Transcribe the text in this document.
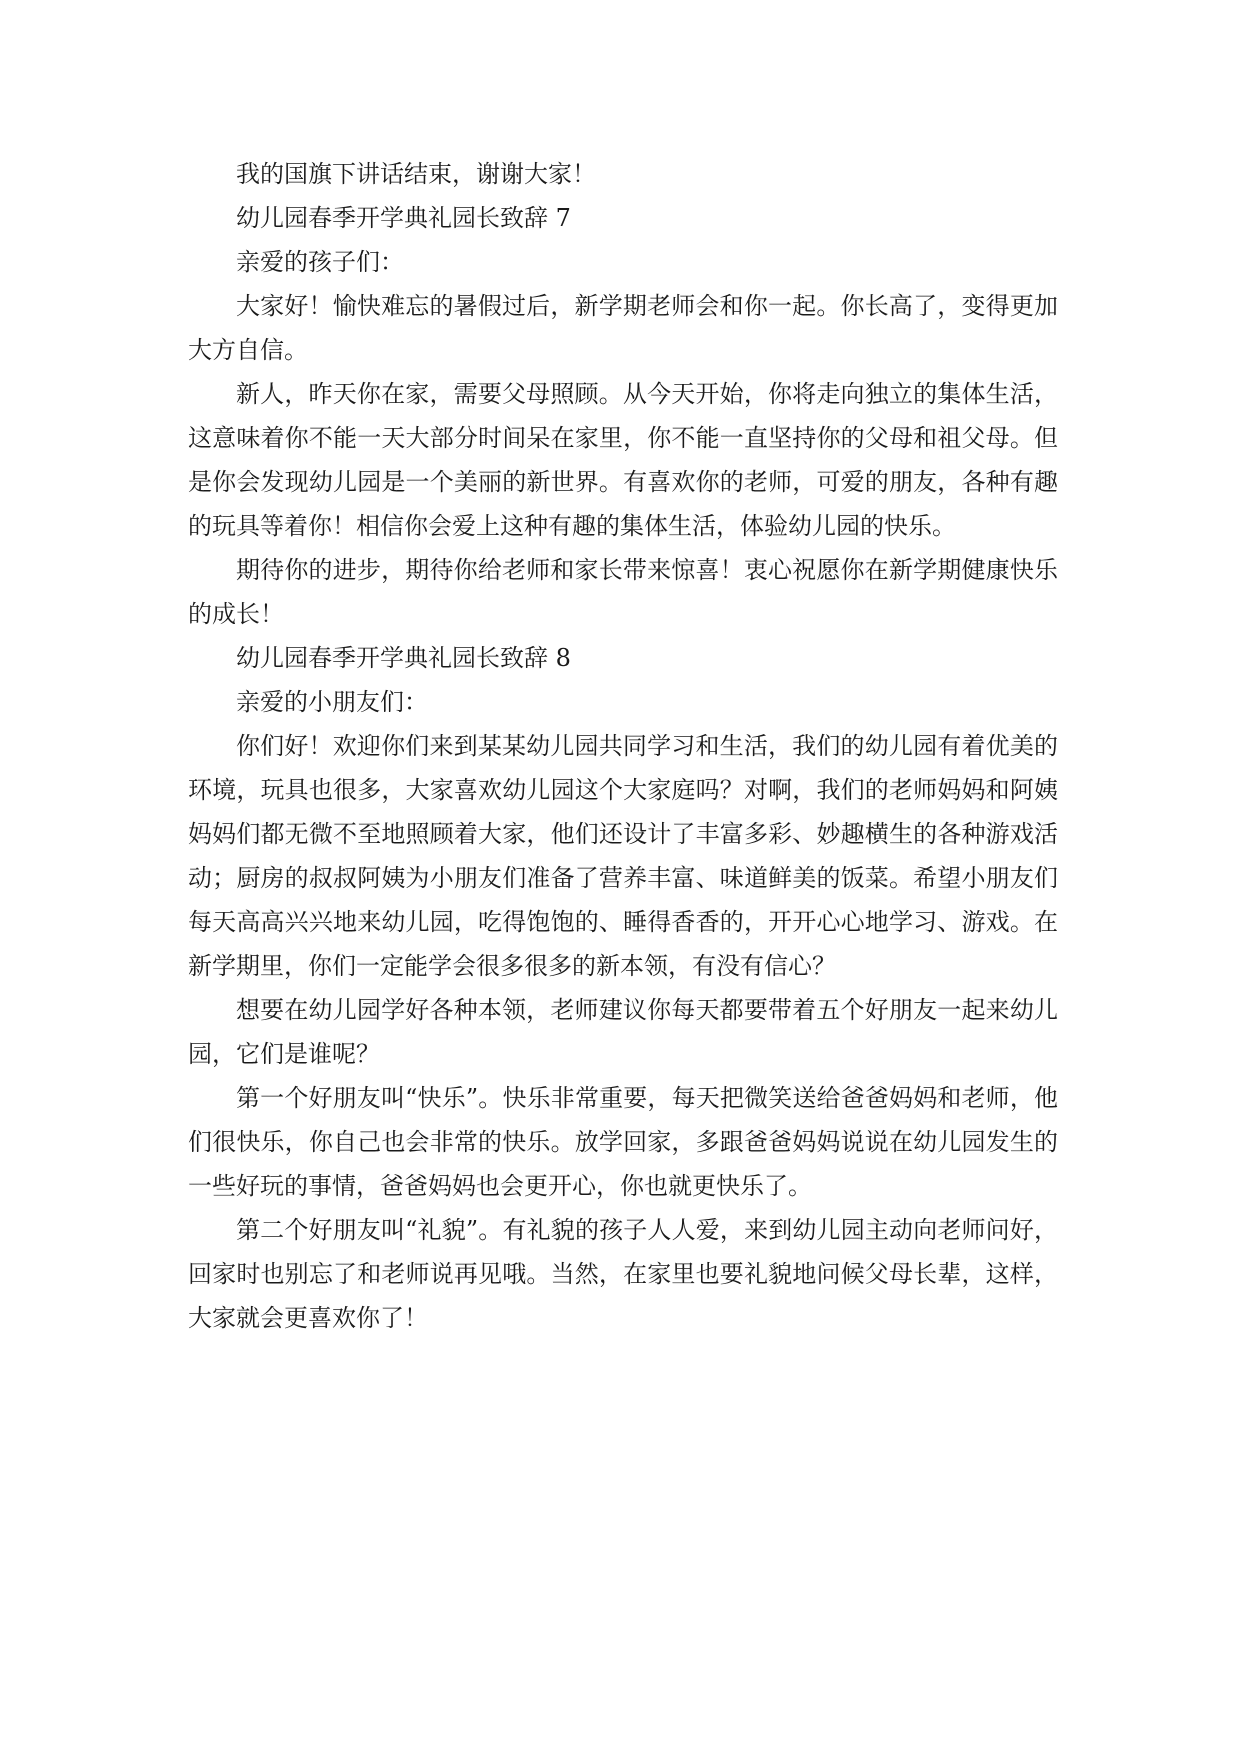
我的国旗下讲话结束，谢谢大家！

幼儿园春季开学典礼园长致辞 7

亲爱的孩子们：

大家好！愉快难忘的暑假过后，新学期老师会和你一起。你长高了，变得更加大方自信。

新人，昨天你在家，需要父母照顾。从今天开始，你将走向独立的集体生活，这意味着你不能一天大部分时间呆在家里，你不能一直坚持你的父母和祖父母。但是你会发现幼儿园是一个美丽的新世界。有喜欢你的老师，可爱的朋友，各种有趣的玩具等着你！相信你会爱上这种有趣的集体生活，体验幼儿园的快乐。

期待你的进步，期待你给老师和家长带来惊喜！衷心祝愿你在新学期健康快乐的成长！

幼儿园春季开学典礼园长致辞 8

亲爱的小朋友们：

你们好！欢迎你们来到某某幼儿园共同学习和生活，我们的幼儿园有着优美的环境，玩具也很多，大家喜欢幼儿园这个大家庭吗？对啊，我们的老师妈妈和阿姨妈妈们都无微不至地照顾着大家，他们还设计了丰富多彩、妙趣横生的各种游戏活动；厨房的叔叔阿姨为小朋友们准备了营养丰富、味道鲜美的饭菜。希望小朋友们每天高高兴兴地来幼儿园，吃得饱饱的、睡得香香的，开开心心地学习、游戏。在新学期里，你们一定能学会很多很多的新本领，有没有信心？

想要在幼儿园学好各种本领，老师建议你每天都要带着五个好朋友一起来幼儿园，它们是谁呢？

第一个好朋友叫“快乐”。快乐非常重要，每天把微笑送给爸爸妈妈和老师，他们很快乐，你自己也会非常的快乐。放学回家，多跟爸爸妈妈说说在幼儿园发生的一些好玩的事情，爸爸妈妈也会更开心，你也就更快乐了。

第二个好朋友叫“礼貌”。有礼貌的孩子人人爱，来到幼儿园主动向老师问好，回家时也别忘了和老师说再见哦。当然，在家里也要礼貌地问候父母长辈，这样，大家就会更喜欢你了！
